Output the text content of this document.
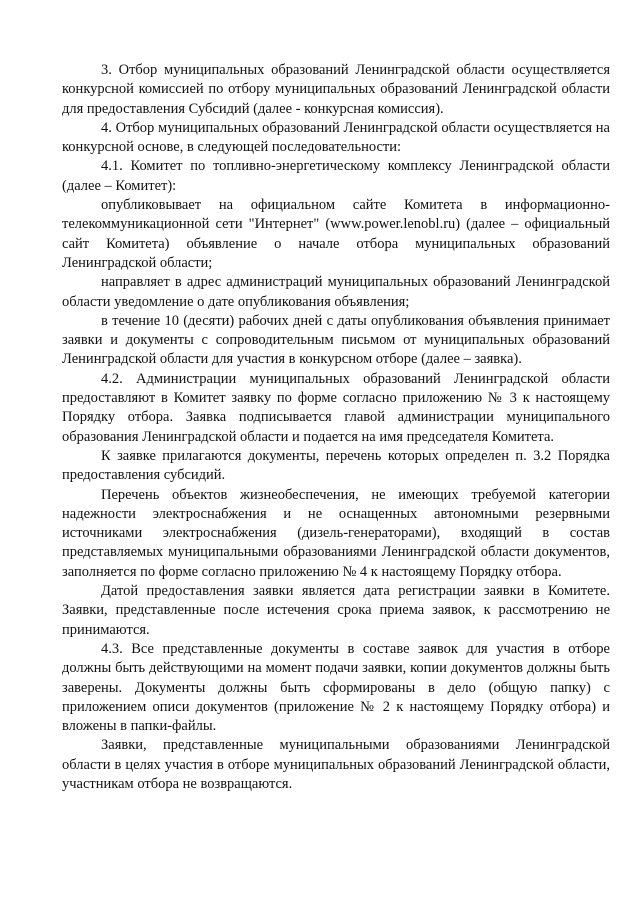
3. Отбор муниципальных образований Ленинградской области осуществляется конкурсной комиссией по отбору муниципальных образований Ленинградской области для предоставления Субсидий (далее - конкурсная комиссия).

4. Отбор муниципальных образований Ленинградской области осуществляется на конкурсной основе, в следующей последовательности:

4.1. Комитет по топливно-энергетическому комплексу Ленинградской области (далее – Комитет):

опубликовывает на официальном сайте Комитета в информационно-телекоммуникационной сети "Интернет" (www.power.lenobl.ru) (далее – официальный сайт Комитета) объявление о начале отбора муниципальных образований Ленинградской области;

направляет в адрес администраций муниципальных образований Ленинградской области уведомление о дате опубликования объявления;

в течение 10 (десяти) рабочих дней с даты опубликования объявления принимает заявки и документы с сопроводительным письмом от муниципальных образований Ленинградской области для участия в конкурсном отборе (далее – заявка).

4.2. Администрации муниципальных образований Ленинградской области предоставляют в Комитет заявку по форме согласно приложению № 3 к настоящему Порядку отбора. Заявка подписывается главой администрации муниципального образования Ленинградской области и подается на имя председателя Комитета.

К заявке прилагаются документы, перечень которых определен п. 3.2 Порядка предоставления субсидий.

Перечень объектов жизнеобеспечения, не имеющих требуемой категории надежности электроснабжения и не оснащенных автономными резервными источниками электроснабжения (дизель-генераторами), входящий в состав представляемых муниципальными образованиями Ленинградской области документов, заполняется по форме согласно приложению № 4 к настоящему Порядку отбора.

Датой предоставления заявки является дата регистрации заявки в Комитете. Заявки, представленные после истечения срока приема заявок, к рассмотрению не принимаются.

4.3. Все представленные документы в составе заявок для участия в отборе должны быть действующими на момент подачи заявки, копии документов должны быть заверены. Документы должны быть сформированы в дело (общую папку) с приложением описи документов (приложение № 2 к настоящему Порядку отбора) и вложены в папки-файлы.

Заявки, представленные муниципальными образованиями Ленинградской области в целях участия в отборе муниципальных образований Ленинградской области, участникам отбора не возвращаются.
